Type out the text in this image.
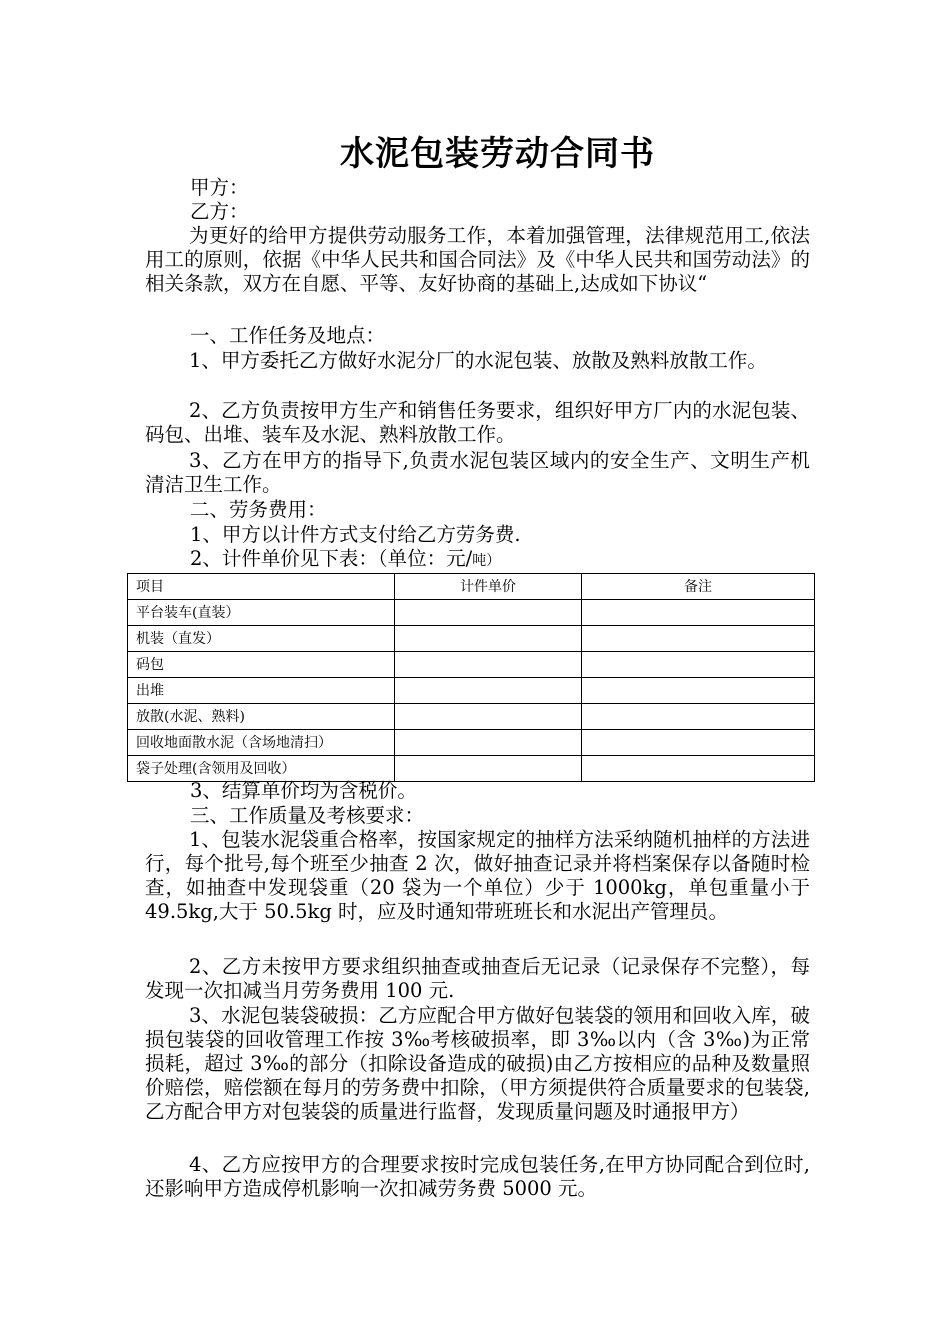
水泥包装劳动合同书
甲方：
乙方：

为更好的给甲方提供劳动服务工作，本着加强管理，法律规范用工,依法用工的原则，依据《中华人民共和国合同法》及《中华人民共和国劳动法》的相关条款，双方在自愿、平等、友好协商的基础上,达成如下协议“

一、工作任务及地点：

1、甲方委托乙方做好水泥分厂的水泥包装、放散及熟料放散工作。

2、乙方负责按甲方生产和销售任务要求，组织好甲方厂内的水泥包装、码包、出堆、装车及水泥、熟料放散工作。

3、乙方在甲方的指导下,负责水泥包装区域内的安全生产、文明生产机清洁卫生工作。

二、劳务费用：
1、甲方以计件方式支付给乙方劳务费.
2、计件单价见下表：（单位：元/吨）
项目	计件单价	备注
平台装车(直装）		
机装（直发）		
码包		
出堆		
放散(水泥、熟料)		
回收地面散水泥（含场地清扫）		
袋子处理(含领用及回收）		
3、结算单价均为含税价。
三、工作质量及考核要求：

1、包装水泥袋重合格率，按国家规定的抽样方法采纳随机抽样的方法进行，每个批号,每个班至少抽查 2 次，做好抽查记录并将档案保存以备随时检查，如抽查中发现袋重（20 袋为一个单位）少于 1000kg，单包重量小于 49.5kg,大于 50.5kg 时，应及时通知带班班长和水泥出产管理员。

2、乙方未按甲方要求组织抽查或抽查后无记录（记录保存不完整），每发现一次扣减当月劳务费用 100 元.

3、水泥包装袋破损：乙方应配合甲方做好包装袋的领用和回收入库，破损包装袋的回收管理工作按 3‰考核破损率，即 3‰以内（含 3‰)为正常损耗，超过 3‰的部分（扣除设备造成的破损)由乙方按相应的品种及数量照价赔偿，赔偿额在每月的劳务费中扣除，（甲方须提供符合质量要求的包装袋,乙方配合甲方对包装袋的质量进行监督，发现质量问题及时通报甲方）

4、乙方应按甲方的合理要求按时完成包装任务,在甲方协同配合到位时,还影响甲方造成停机影响一次扣减劳务费 5000 元。
